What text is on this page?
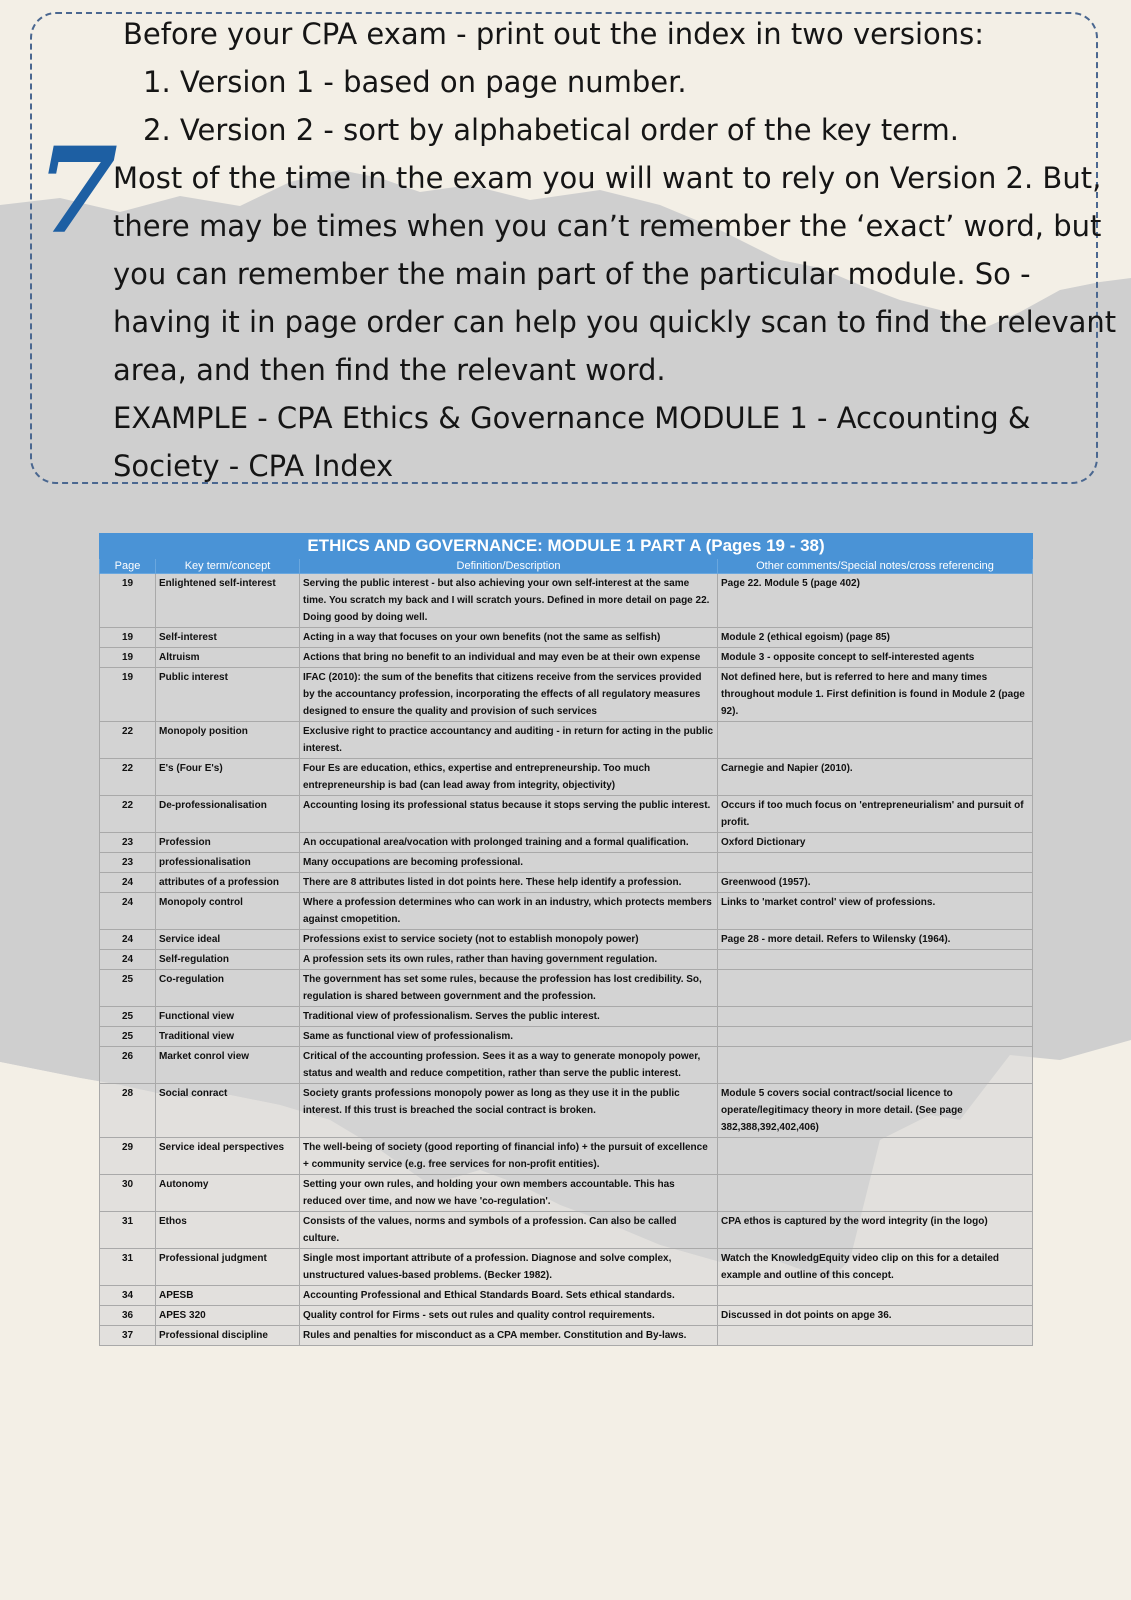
7
Before your CPA exam - print out the index in two versions:
1. Version 1 - based on page number.
2. Version 2 - sort by alphabetical order of the key term.
Most of the time in the exam you will want to rely on Version 2. But,
there may be times when you can’t remember the ‘exact’ word, but
you can remember the main part of the particular module. So -
having it in page order can help you quickly scan to find the relevant
area, and then find the relevant word.
EXAMPLE - CPA Ethics & Governance MODULE 1 - Accounting &
Society - CPA Index
ETHICS AND GOVERNANCE: MODULE 1 PART A (Pages 19 - 38)			
Page	Key term/concept	Definition/Description	Other comments/Special notes/cross referencing
19	Enlightened self-interest	Serving the public interest - but also achieving your own self-interest at the same time. You scratch my back and I will scratch yours. Defined in more detail on page 22. Doing good by doing well.	Page 22. Module 5 (page 402)
19	Self-interest	Acting in a way that focuses on your own benefits (not the same as selfish)	Module 2 (ethical egoism) (page 85)
19	Altruism	Actions that bring no benefit to an individual and may even be at their own expense	Module 3 - opposite concept to self-interested agents
19	Public interest	IFAC (2010): the sum of the benefits that citizens receive from the services provided by the accountancy profession, incorporating the effects of all regulatory measures designed to ensure the quality and provision of such services	Not defined here, but is referred to here and many times throughout module 1. First definition is found in Module 2 (page 92).
22	Monopoly position	Exclusive right to practice accountancy and auditing - in return for acting in the public interest.	
22	E's (Four E's)	Four Es are education, ethics, expertise and entrepreneurship. Too much entrepreneurship is bad (can lead away from integrity, objectivity)	Carnegie and Napier (2010).
22	De-professionalisation	Accounting losing its professional status because it stops serving the public interest.	Occurs if too much focus on 'entrepreneurialism' and pursuit of profit.
23	Profession	An occupational area/vocation with prolonged training and a formal qualification.	Oxford Dictionary
23	professionalisation	Many occupations are becoming professional.	
24	attributes of a profession	There are 8 attributes listed in dot points here. These help identify a profession.	Greenwood (1957).
24	Monopoly control	Where a profession determines who can work in an industry, which protects members against cmopetition.	Links to 'market control' view of professions.
24	Service ideal	Professions exist to service society (not to establish monopoly power)	Page 28 - more detail. Refers to Wilensky (1964).
24	Self-regulation	A profession sets its own rules, rather than having government regulation.	
25	Co-regulation	The government has set some rules, because the profession has lost credibility. So, regulation is shared between government and the profession.	
25	Functional view	Traditional view of professionalism. Serves the public interest.	
25	Traditional view	Same as functional view of professionalism.	
26	Market conrol view	Critical of the accounting profession. Sees it as a way to generate monopoly power, status and wealth and reduce competition, rather than serve the public interest.	
28	Social conract	Society grants professions monopoly power as long as they use it in the public interest. If this trust is breached the social contract is broken.	Module 5 covers social contract/social licence to operate/legitimacy theory in more detail. (See page 382,388,392,402,406)
29	Service ideal perspectives	The well-being of society (good reporting of financial info) + the pursuit of excellence + community service (e.g. free services for non-profit entities).	
30	Autonomy	Setting your own rules, and holding your own members accountable. This has reduced over time, and now we have 'co-regulation'.	
31	Ethos	Consists of the values, norms and symbols of a profession. Can also be called culture.	CPA ethos is captured by the word integrity (in the logo)
31	Professional judgment	Single most important attribute of a profession. Diagnose and solve complex, unstructured values-based problems. (Becker 1982).	Watch the KnowledgEquity video clip on this for a detailed example and outline of this concept.
34	APESB	Accounting Professional and Ethical Standards Board. Sets ethical standards.	
36	APES 320	Quality control for Firms - sets out rules and quality control requirements.	Discussed in dot points on apge 36.
37	Professional discipline	Rules and penalties for misconduct as a CPA member. Constitution and By-laws.	
